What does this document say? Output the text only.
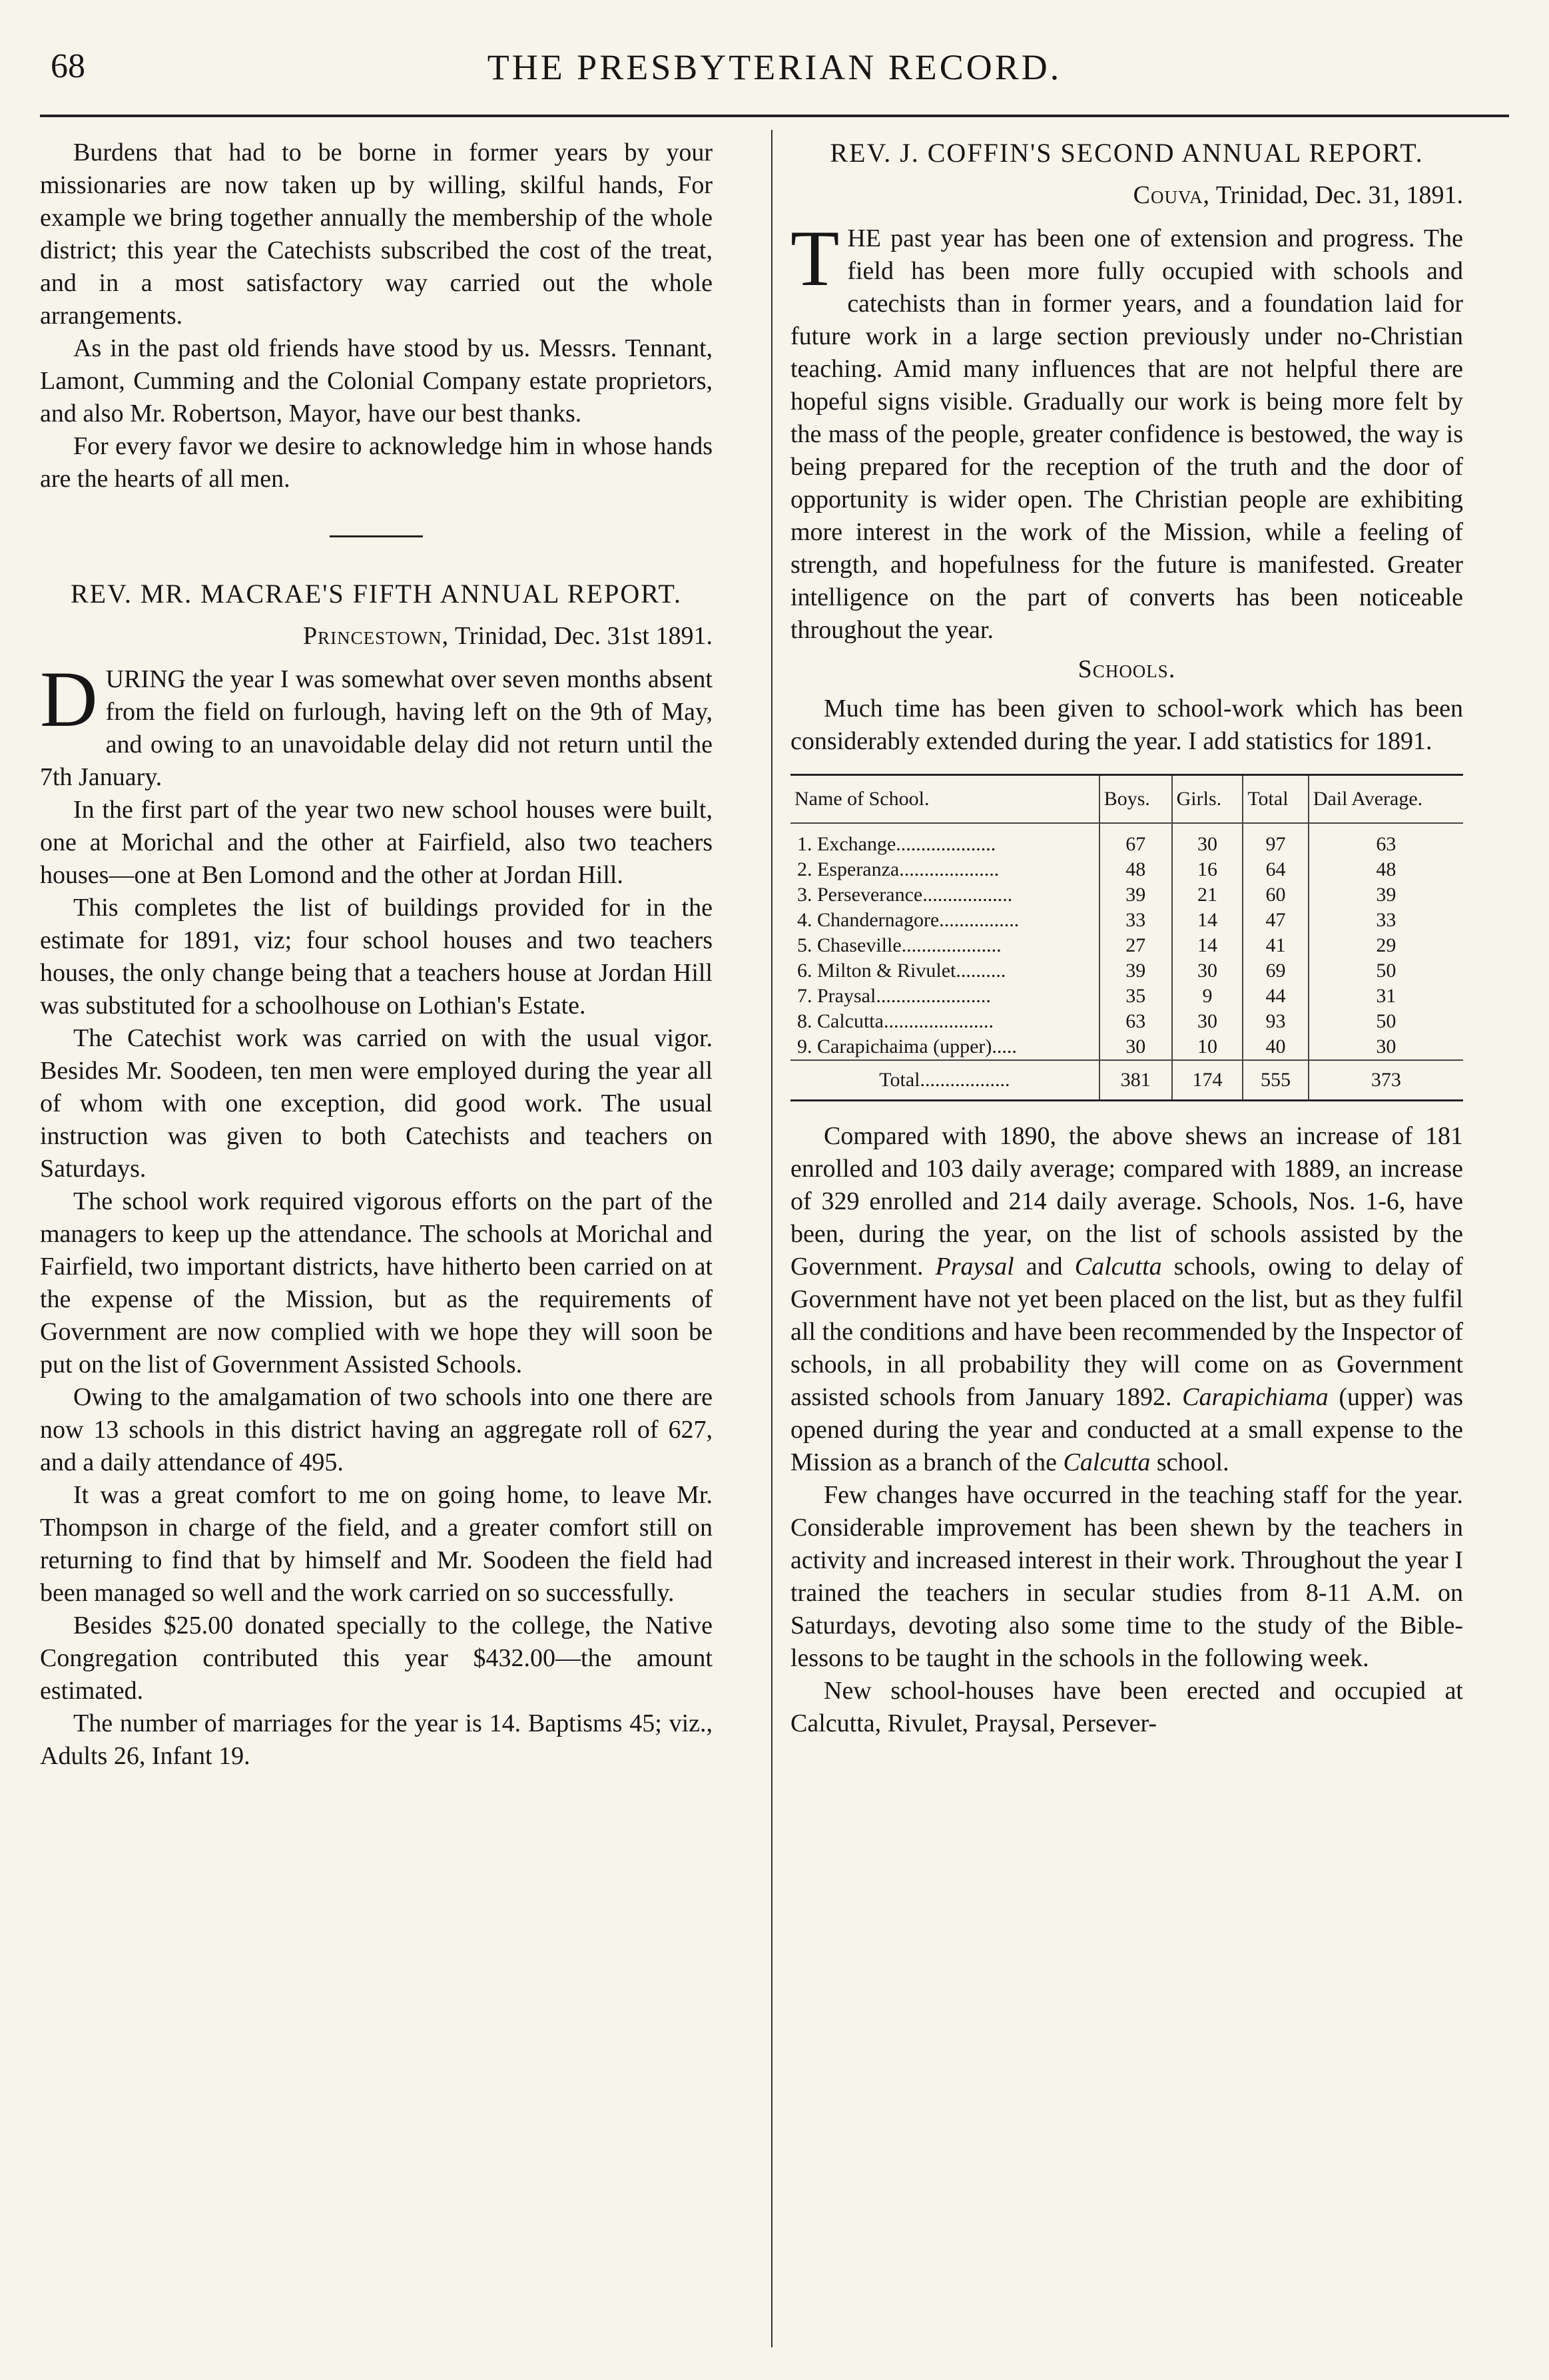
68	THE PRESBYTERIAN RECORD.

Burdens that had to be borne in former years by your missionaries are now taken up by willing, skilful hands, For example we bring together annually the membership of the whole district; this year the Catechists subscribed the cost of the treat, and in a most satisfactory way carried out the whole arrangements.

As in the past old friends have stood by us. Messrs. Tennant, Lamont, Cumming and the Colonial Company estate proprietors, and also Mr. Robertson, Mayor, have our best thanks.

For every favor we desire to acknowledge him in whose hands are the hearts of all men.

REV. MR. MACRAE'S FIFTH ANNUAL REPORT.

Princestown, Trinidad, Dec. 31st 1891.

DURING the year I was somewhat over seven months absent from the field on furlough, having left on the 9th of May, and owing to an unavoidable delay did not return until the 7th January.

In the first part of the year two new school houses were built, one at Morichal and the other at Fairfield, also two teachers houses—one at Ben Lomond and the other at Jordan Hill.

This completes the list of buildings provided for in the estimate for 1891, viz; four school houses and two teachers houses, the only change being that a teachers house at Jordan Hill was substituted for a schoolhouse on Lothian's Estate.

The Catechist work was carried on with the usual vigor. Besides Mr. Soodeen, ten men were employed during the year all of whom with one exception, did good work. The usual instruction was given to both Catechists and teachers on Saturdays.

The school work required vigorous efforts on the part of the managers to keep up the attendance. The schools at Morichal and Fairfield, two important districts, have hitherto been carried on at the expense of the Mission, but as the requirements of Government are now complied with we hope they will soon be put on the list of Government Assisted Schools.

Owing to the amalgamation of two schools into one there are now 13 schools in this district having an aggregate roll of 627, and a daily attendance of 495.

It was a great comfort to me on going home, to leave Mr. Thompson in charge of the field, and a greater comfort still on returning to find that by himself and Mr. Soodeen the field had been managed so well and the work carried on so successfully.

Besides $25.00 donated specially to the college, the Native Congregation contributed this year $432.00—the amount estimated.

The number of marriages for the year is 14. Baptisms 45; viz., Adults 26, Infant 19.

REV. J. COFFIN'S SECOND ANNUAL REPORT.

Couva, Trinidad, Dec. 31, 1891.

THE past year has been one of extension and progress. The field has been more fully occupied with schools and catechists than in former years, and a foundation laid for future work in a large section previously under no-Christian teaching. Amid many influences that are not helpful there are hopeful signs visible. Gradually our work is being more felt by the mass of the people, greater confidence is bestowed, the way is being prepared for the reception of the truth and the door of opportunity is wider open. The Christian people are exhibiting more interest in the work of the Mission, while a feeling of strength, and hopefulness for the future is manifested. Greater intelligence on the part of converts has been noticeable throughout the year.

Schools.

Much time has been given to school-work which has been considerably extended during the year. I add statistics for 1891.

Name of School.	Boys.	Girls.	Total	Dail Average.
1. Exchange....................	67	30	97	63
2. Esperanza....................	48	16	64	48
3. Perseverance..................	39	21	60	39
4. Chandernagore................	33	14	47	33
5. Chaseville....................	27	14	41	29
6. Milton & Rivulet..........	39	30	69	50
7. Praysal.......................	35	9	44	31
8. Calcutta......................	63	30	93	50
9. Carapichaima (upper).....	30	10	40	30
Total..................	381	174	555	373

Compared with 1890, the above shews an increase of 181 enrolled and 103 daily average; compared with 1889, an increase of 329 enrolled and 214 daily average. Schools, Nos. 1-6, have been, during the year, on the list of schools assisted by the Government. Praysal and Calcutta schools, owing to delay of Government have not yet been placed on the list, but as they fulfil all the conditions and have been recommended by the Inspector of schools, in all probability they will come on as Government assisted schools from January 1892. Carapichiama (upper) was opened during the year and conducted at a small expense to the Mission as a branch of the Calcutta school.

Few changes have occurred in the teaching staff for the year. Considerable improvement has been shewn by the teachers in activity and increased interest in their work. Throughout the year I trained the teachers in secular studies from 8-11 A.M. on Saturdays, devoting also some time to the study of the Bible-lessons to be taught in the schools in the following week.

New school-houses have been erected and occupied at Calcutta, Rivulet, Praysal, Persever-
